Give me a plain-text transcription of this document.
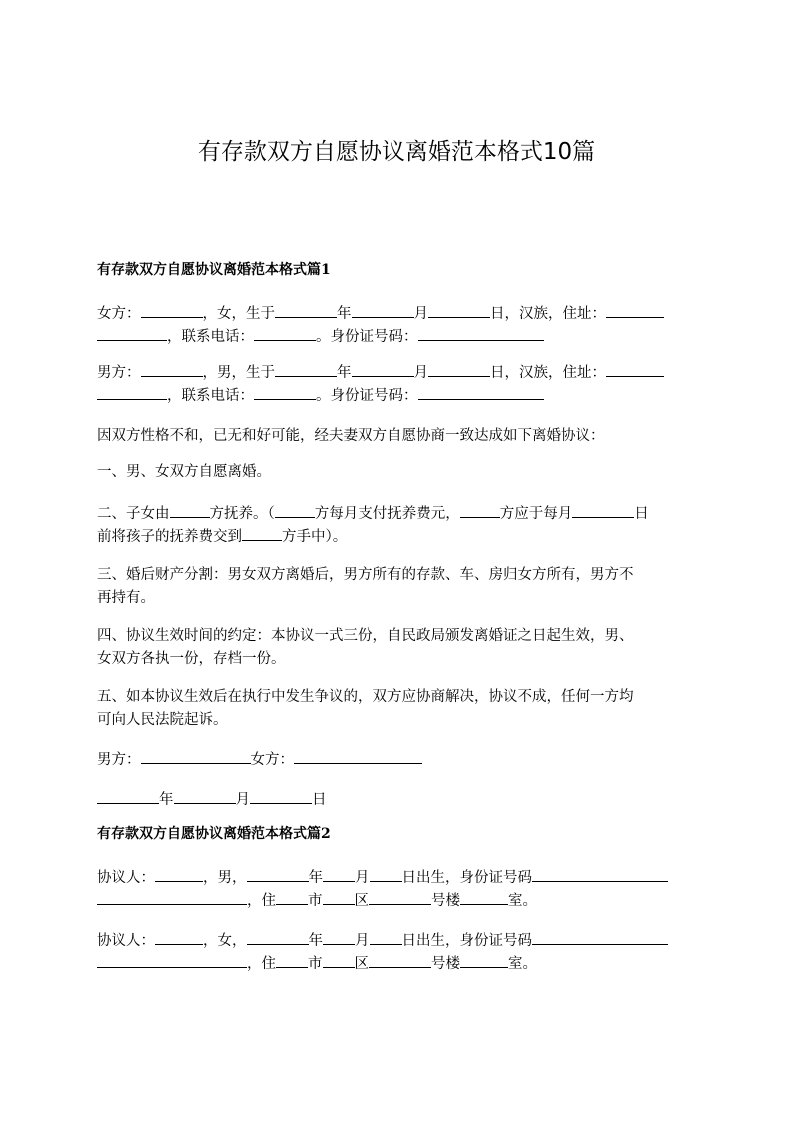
有存款双方自愿协议离婚范本格式10篇
有存款双方自愿协议离婚范本格式篇1
女方：	，女，生于	年	月	日，汉族，住址：
，联系电话：	。身份证号码：
男方：	，男，生于	年	月	日，汉族，住址：
，联系电话：	。身份证号码：
因双方性格不和，已无和好可能，经夫妻双方自愿协商一致达成如下离婚协议：
一、男、女双方自愿离婚。
二、子女由	方抚养。（	方每月支付抚养费元，	方应于每月	日
前将孩子的抚养费交到	方手中）。
三、婚后财产分割：男女双方离婚后，男方所有的存款、车、房归女方所有，男方不
再持有。
四、协议生效时间的约定：本协议一式三份，自民政局颁发离婚证之日起生效，男、
女双方各执一份，存档一份。
五、如本协议生效后在执行中发生争议的，双方应协商解决，协议不成，任何一方均
可向人民法院起诉。
男方：	女方：
年	月	日
有存款双方自愿协议离婚范本格式篇2
协议人：	，男，	年 月 日出生，身份证号码
，住 市 区	号楼	室。
协议人：	，女，	年 月 日出生，身份证号码
，住 市 区	号楼	室。
